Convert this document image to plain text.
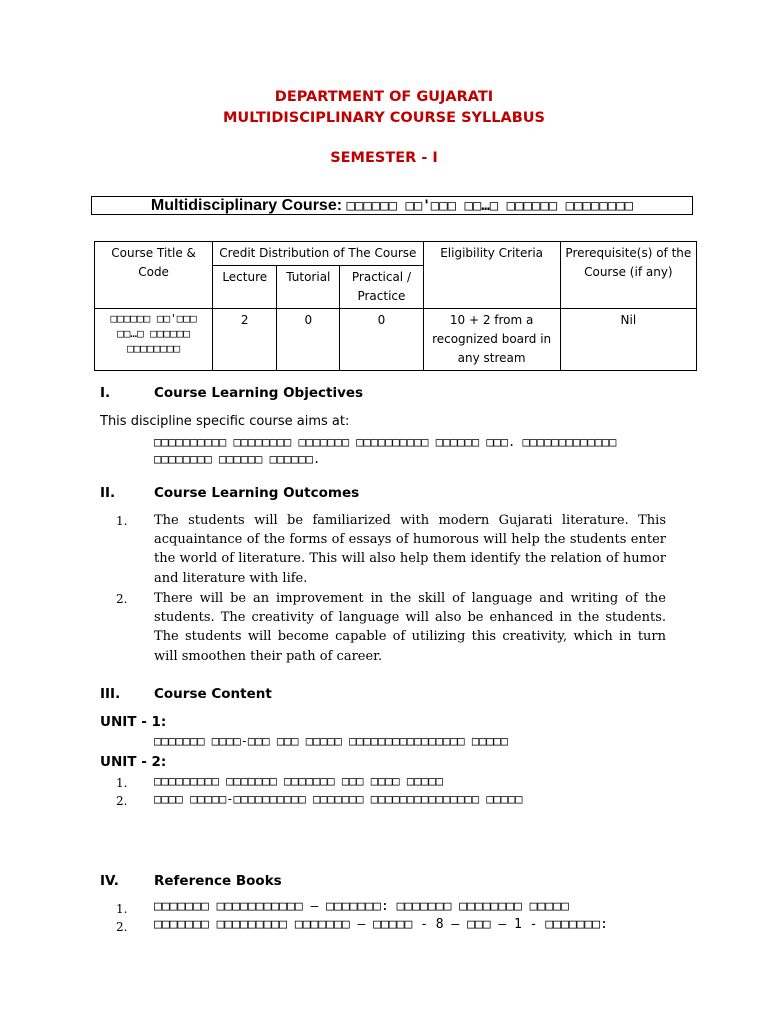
DEPARTMENT OF GUJARATI
MULTIDISCIPLINARY COURSE SYLLABUS
SEMESTER - I
Multidisciplinary Course: □□□□□□ □□'□□□ □□…□ □□□□□□ □□□□□□□□
Course Title & Code	Credit Distribution of The Course			Eligibility Criteria	Prerequisite(s) of the Course (if any)
	Lecture	Tutorial	Practical / Practice		
□□□□□□ □□'□□□ □□…□ □□□□□□ □□□□□□□□	2	0	0	10 + 2 from a recognized board in any stream	Nil
I.	Course Learning Objectives
This discipline specific course aims at:
□□□□□□□□□□ □□□□□□□□ □□□□□□□ □□□□□□□□□□ □□□□□□ □□□. □□□□□□□□□□□□□
□□□□□□□□ □□□□□□ □□□□□□.
II.	Course Learning Outcomes
1. The students will be familiarized with modern Gujarati literature. This acquaintance of the forms of essays of humorous will help the students enter the world of literature. This will also help them identify the relation of humor and literature with life.
2. There will be an improvement in the skill of language and writing of the students. The creativity of language will also be enhanced in the students. The students will become capable of utilizing this creativity, which in turn will smoothen their path of career.
III.	Course Content
UNIT - 1:
□□□□□□□ □□□□-□□□ □□□ □□□□□ □□□□□□□□□□□□□□□□ □□□□□
UNIT - 2:
1. □□□□□□□□□ □□□□□□□ □□□□□□□ □□□ □□□□ □□□□□
2. □□□□ □□□□□-□□□□□□□□□□ □□□□□□□ □□□□□□□□□□□□□□□ □□□□□
IV.	Reference Books
1. □□□□□□□ □□□□□□□□□□□ – □□□□□□□: □□□□□□□ □□□□□□□□ □□□□□
2. □□□□□□□ □□□□□□□□□ □□□□□□□ – □□□□□ - 8 – □□□ – 1 - □□□□□□□:
